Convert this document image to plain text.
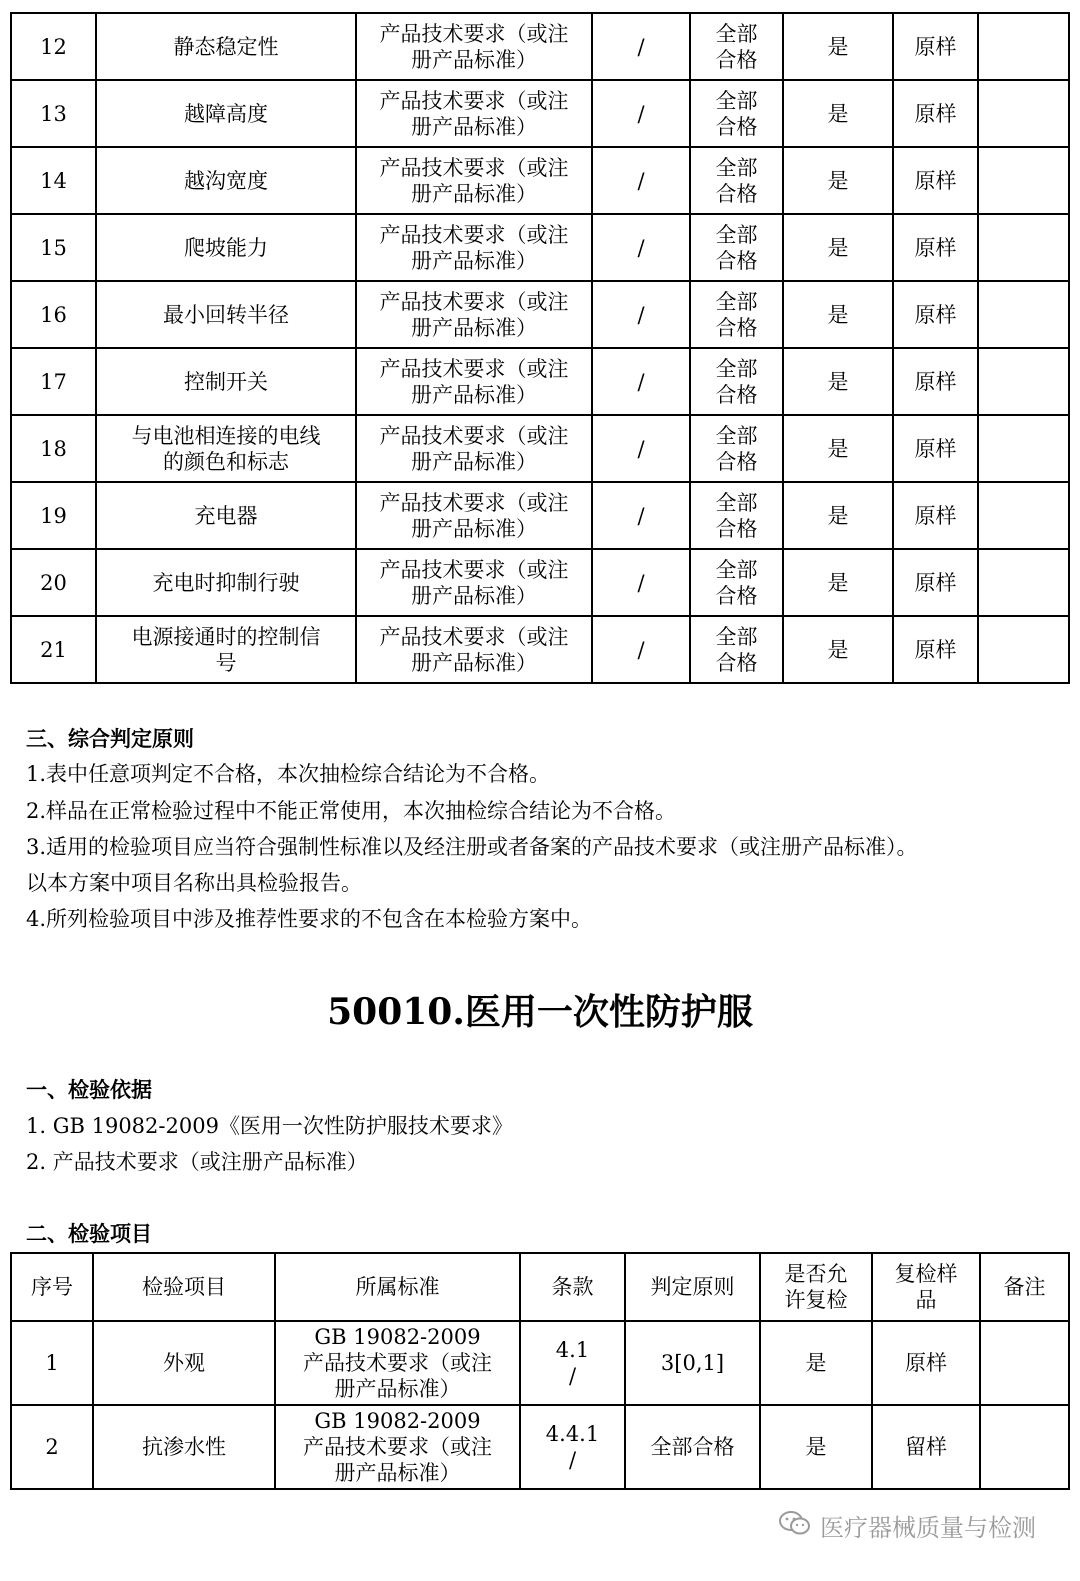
12	静态稳定性	产品技术要求（或注
册产品标准）	/	全部
合格	是	原样	
13	越障高度	产品技术要求（或注
册产品标准）	/	全部
合格	是	原样	
14	越沟宽度	产品技术要求（或注
册产品标准）	/	全部
合格	是	原样	
15	爬坡能力	产品技术要求（或注
册产品标准）	/	全部
合格	是	原样	
16	最小回转半径	产品技术要求（或注
册产品标准）	/	全部
合格	是	原样	
17	控制开关	产品技术要求（或注
册产品标准）	/	全部
合格	是	原样	
18	与电池相连接的电线
的颜色和标志	产品技术要求（或注
册产品标准）	/	全部
合格	是	原样	
19	充电器	产品技术要求（或注
册产品标准）	/	全部
合格	是	原样	
20	充电时抑制行驶	产品技术要求（或注
册产品标准）	/	全部
合格	是	原样	
21	电源接通时的控制信
号	产品技术要求（或注
册产品标准）	/	全部
合格	是	原样	

三、综合判定原则

1.表中任意项判定不合格，本次抽检综合结论为不合格。

2.样品在正常检验过程中不能正常使用，本次抽检综合结论为不合格。

3.适用的检验项目应当符合强制性标准以及经注册或者备案的产品技术要求（或注册产品标准）。

以本方案中项目名称出具检验报告。

4.所列检验项目中涉及推荐性要求的不包含在本检验方案中。

50010.医用一次性防护服

一、检验依据

1. GB 19082-2009《医用一次性防护服技术要求》

2. 产品技术要求（或注册产品标准）

二、检验项目

序号	检验项目	所属标准	条款	判定原则	是否允
许复检	复检样
品	备注
1	外观	GB 19082-2009
产品技术要求（或注
册产品标准）	4.1
/	3[0,1]	是	原样	
2	抗渗水性	GB 19082-2009
产品技术要求（或注
册产品标准）	4.4.1
/	全部合格	是	留样	
医疗器械质量与检测
